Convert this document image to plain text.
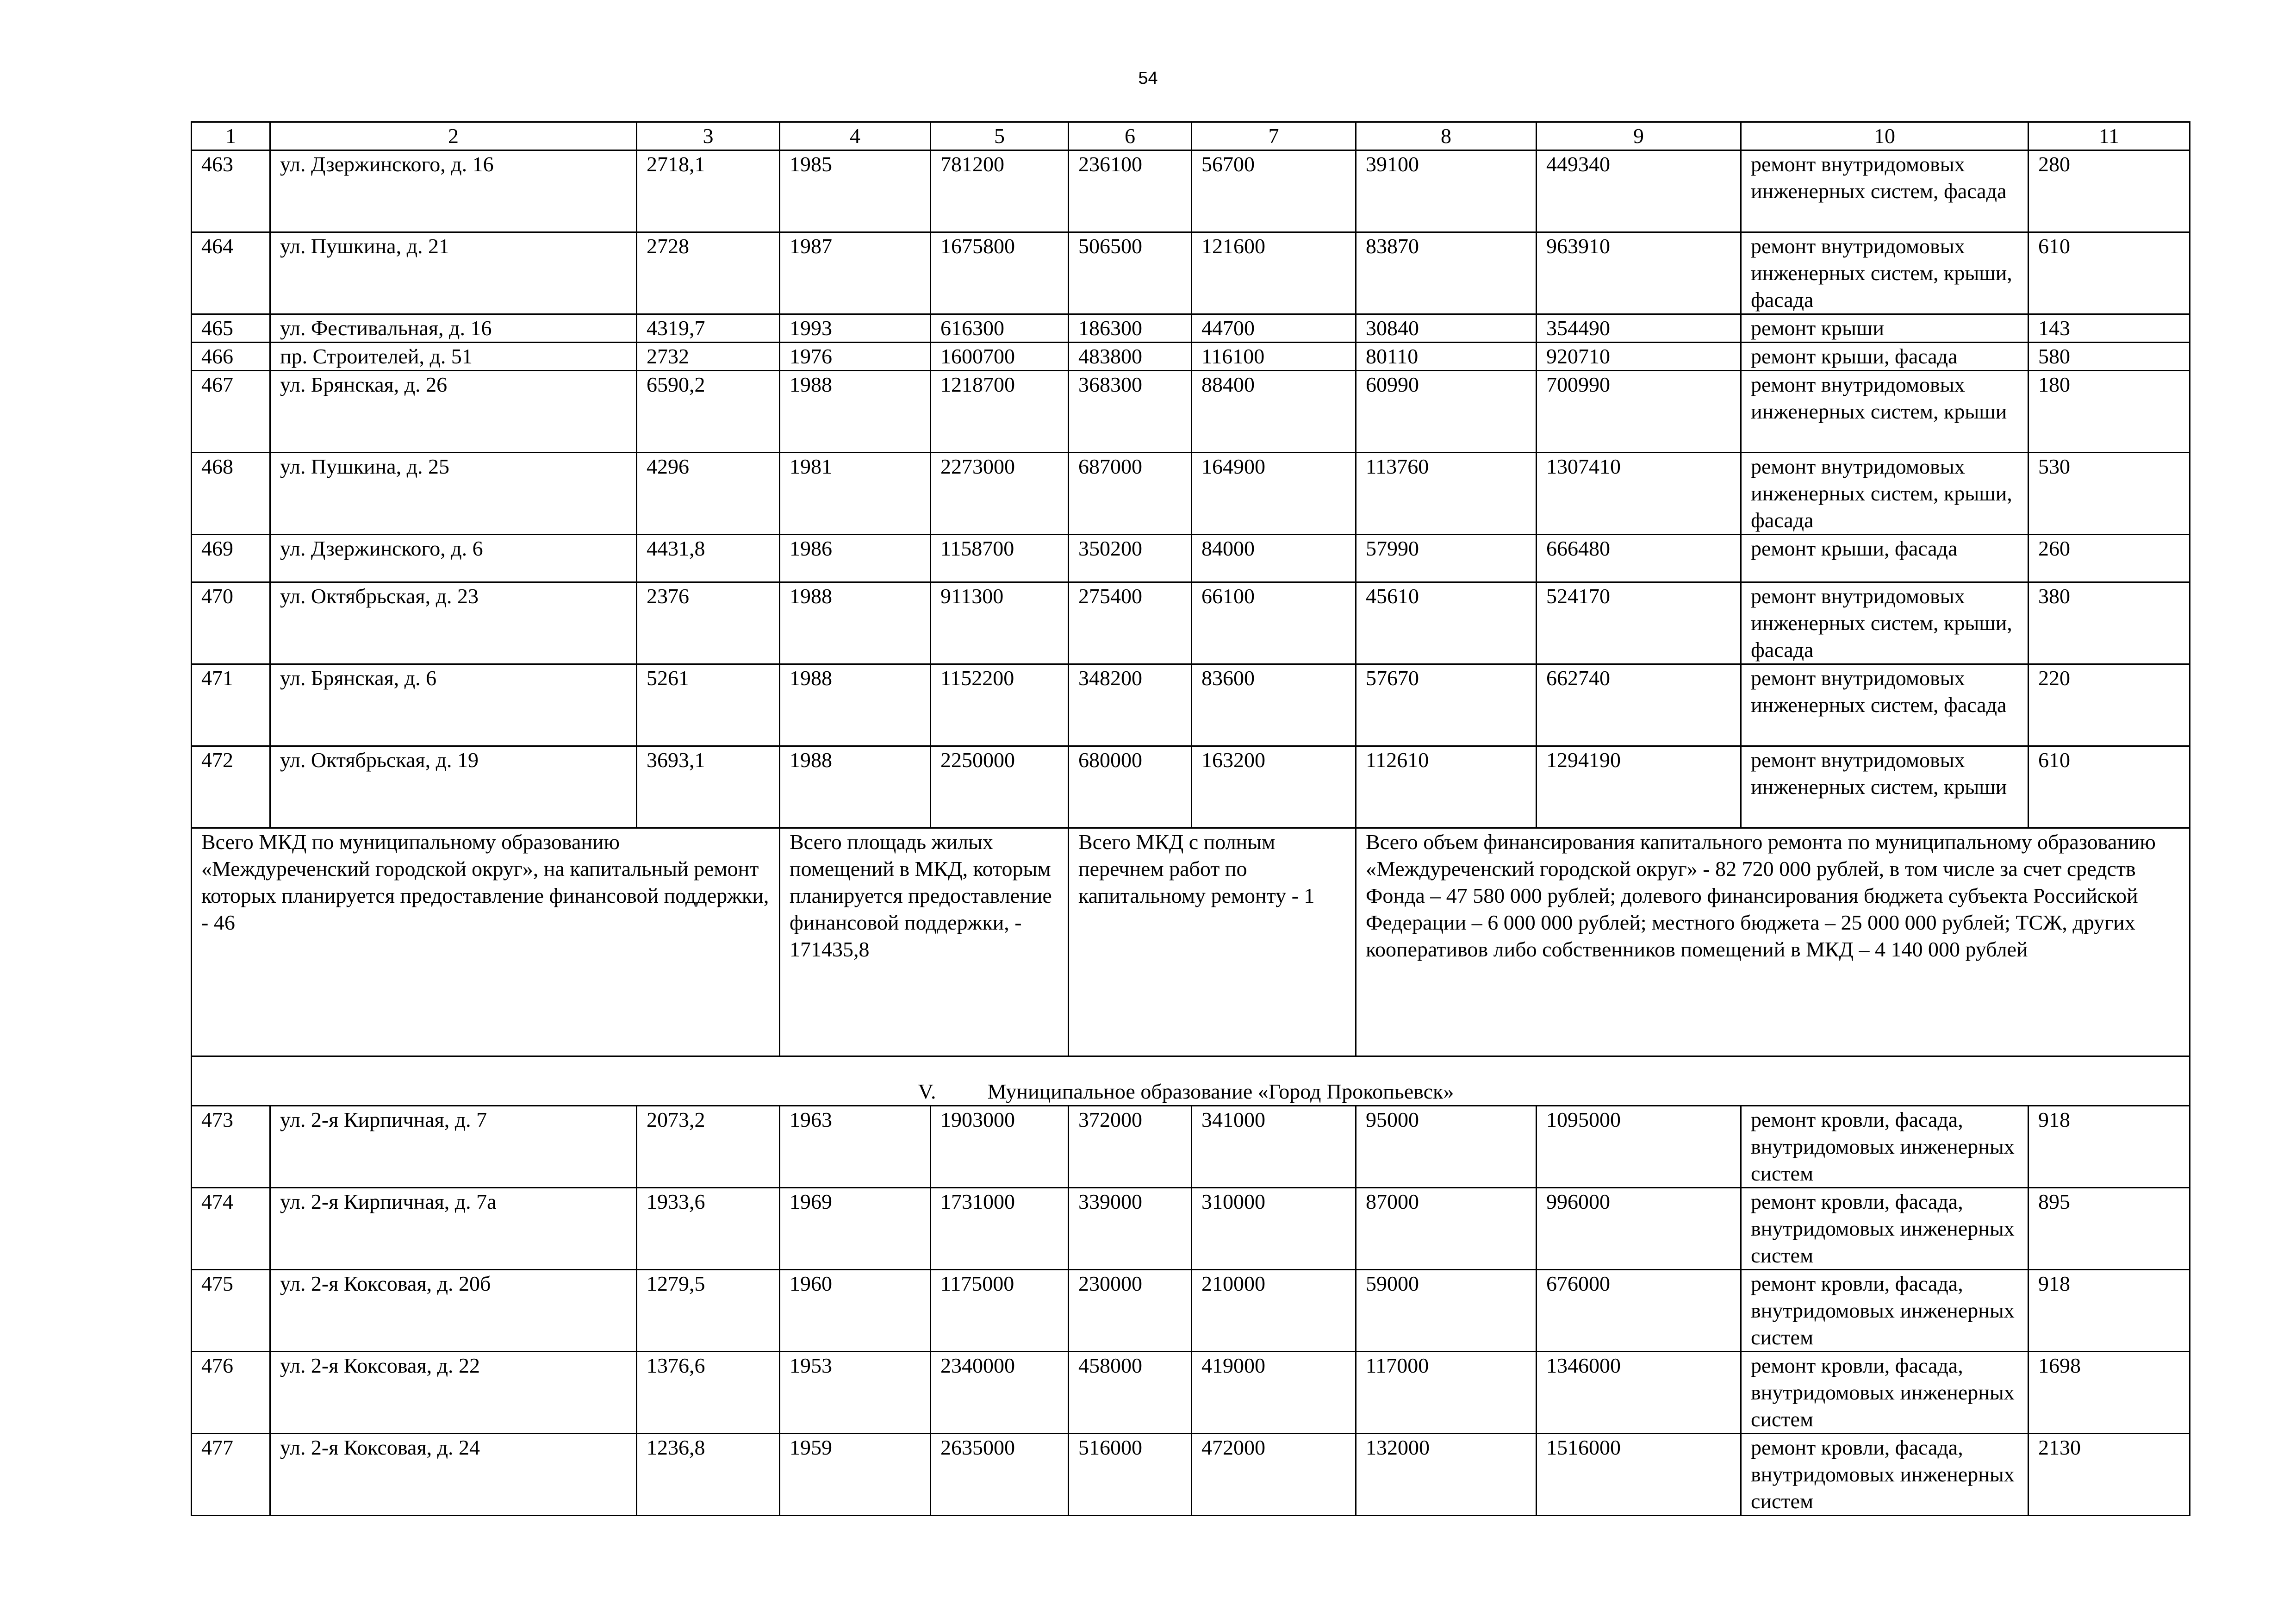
54
1	2	3	4	5	6	7	8	9	10	11
463	ул. Дзержинского, д. 16	2718,1	1985	781200	236100	56700	39100	449340	ремонт внутридомовых инженерных систем, фасада	280
464	ул. Пушкина, д. 21	2728	1987	1675800	506500	121600	83870	963910	ремонт внутридомовых инженерных систем, крыши, фасада	610
465	ул. Фестивальная, д. 16	4319,7	1993	616300	186300	44700	30840	354490	ремонт крыши	143
466	пр. Строителей, д. 51	2732	1976	1600700	483800	116100	80110	920710	ремонт крыши, фасада	580
467	ул. Брянская, д. 26	6590,2	1988	1218700	368300	88400	60990	700990	ремонт внутридомовых инженерных систем, крыши	180
468	ул. Пушкина, д. 25	4296	1981	2273000	687000	164900	113760	1307410	ремонт внутридомовых инженерных систем, крыши, фасада	530
469	ул. Дзержинского, д. 6	4431,8	1986	1158700	350200	84000	57990	666480	ремонт крыши, фасада	260
470	ул. Октябрьская, д. 23	2376	1988	911300	275400	66100	45610	524170	ремонт внутридомовых инженерных систем, крыши, фасада	380
471	ул. Брянская, д. 6	5261	1988	1152200	348200	83600	57670	662740	ремонт внутридомовых инженерных систем, фасада	220
472	ул. Октябрьская, д. 19	3693,1	1988	2250000	680000	163200	112610	1294190	ремонт внутридомовых инженерных систем, крыши	610
Всего МКД по муниципальному образованию «Междуреченский городской округ», на капитальный ремонт которых планируется предоставление финансовой поддержки, - 46			Всего площадь жилых помещений в МКД, которым планируется предоставление финансовой поддержки, - 171435,8		Всего МКД с полным перечнем работ по капитальному ремонту - 1		Всего объем финансирования капитального ремонта по муниципальному образованию «Междуреченский городской округ» - 82 720 000 рублей, в том числе за счет средств Фонда – 47 580 000 рублей; долевого финансирования бюджета субъекта Российской Федерации – 6 000 000 рублей; местного бюджета – 25 000 000 рублей; ТСЖ, других кооперативов либо собственников помещений в МКД – 4 140 000 рублей			
V. Муниципальное образование «Город Прокопьевск»										
473	ул. 2-я Кирпичная, д. 7	2073,2	1963	1903000	372000	341000	95000	1095000	ремонт кровли, фасада, внутридомовых инженерных систем	918
474	ул. 2-я Кирпичная, д. 7а	1933,6	1969	1731000	339000	310000	87000	996000	ремонт кровли, фасада, внутридомовых инженерных систем	895
475	ул. 2-я Коксовая, д. 20б	1279,5	1960	1175000	230000	210000	59000	676000	ремонт кровли, фасада, внутридомовых инженерных систем	918
476	ул. 2-я Коксовая, д. 22	1376,6	1953	2340000	458000	419000	117000	1346000	ремонт кровли, фасада, внутридомовых инженерных систем	1698
477	ул. 2-я Коксовая, д. 24	1236,8	1959	2635000	516000	472000	132000	1516000	ремонт кровли, фасада, внутридомовых инженерных систем	2130
